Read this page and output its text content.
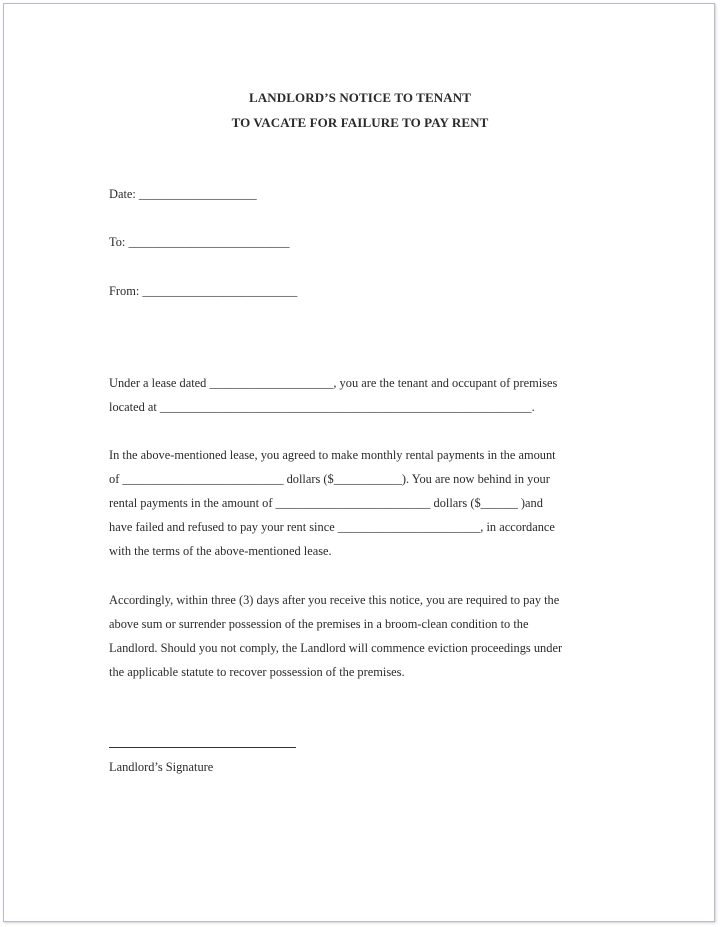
LANDLORD’S NOTICE TO TENANT
TO VACATE FOR FAILURE TO PAY RENT
Date: ___________________
To: __________________________
From: _________________________
Under a lease dated ____________________, you are the tenant and occupant of premises
located at ____________________________________________________________.
In the above-mentioned lease, you agreed to make monthly rental payments in the amount
of __________________________ dollars ($___________). You are now behind in your
rental payments in the amount of _________________________ dollars ($______ )and
have failed and refused to pay your rent since _______________________, in accordance
with the terms of the above-mentioned lease.
Accordingly, within three (3) days after you receive this notice, you are required to pay the
above sum or surrender possession of the premises in a broom-clean condition to the
Landlord. Should you not comply, the Landlord will commence eviction proceedings under
the applicable statute to recover possession of the premises.
Landlord’s Signature
